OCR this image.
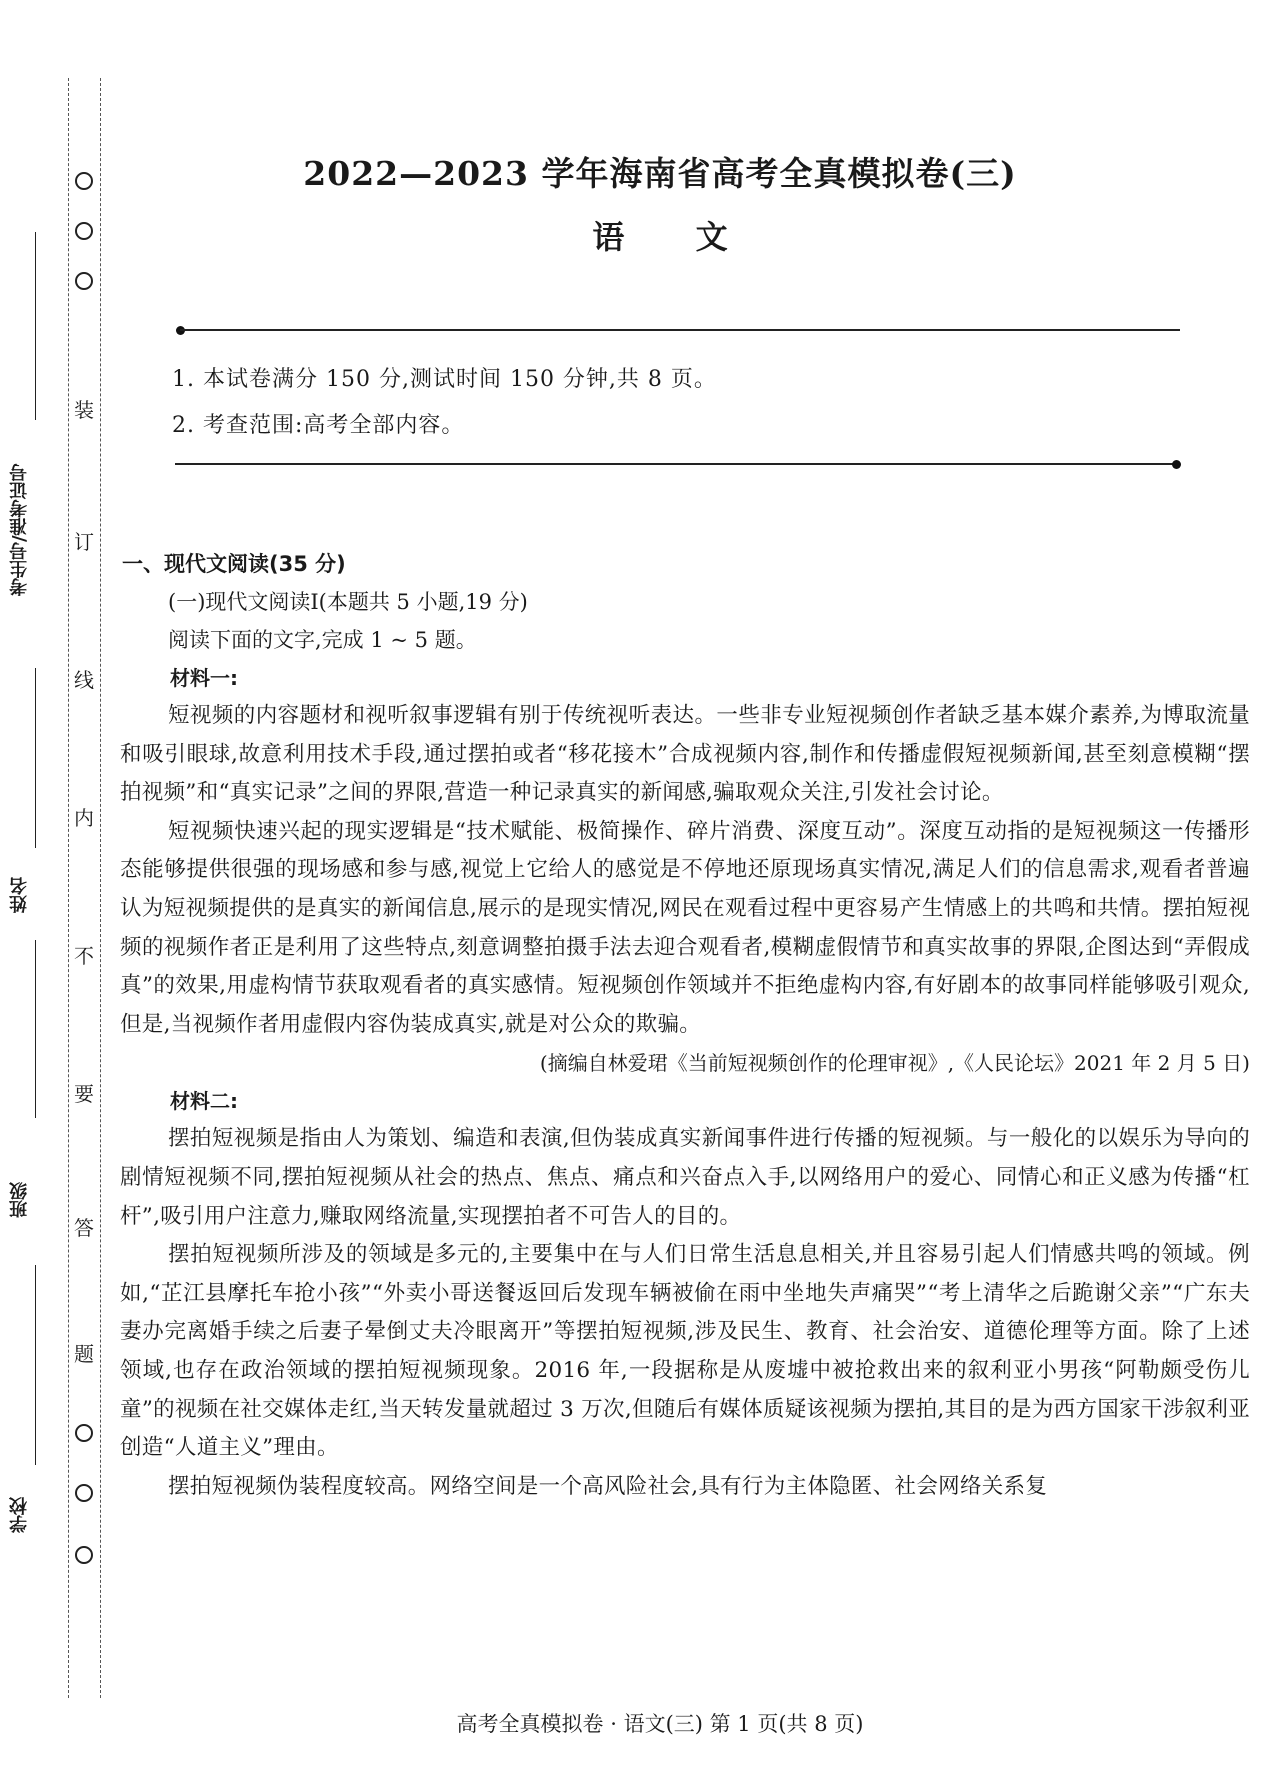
装
订
线
内
不
要
答
题
考生号/准考证号
姓名
班级
学校
2022—2023 学年海南省高考全真模拟卷(三)
语 文
1. 本试卷满分 150 分,测试时间 150 分钟,共 8 页。
2. 考查范围:高考全部内容。
一、现代文阅读(35 分)
(一)现代文阅读Ⅰ(本题共 5 小题,19 分)
阅读下面的文字,完成 1 ~ 5 题。
材料一:

短视频的内容题材和视听叙事逻辑有别于传统视听表达。一些非专业短视频创作者缺乏基本媒介素养,为博取流量和吸引眼球,故意利用技术手段,通过摆拍或者“移花接木”合成视频内容,制作和传播虚假短视频新闻,甚至刻意模糊“摆拍视频”和“真实记录”之间的界限,营造一种记录真实的新闻感,骗取观众关注,引发社会讨论。

短视频快速兴起的现实逻辑是“技术赋能、极简操作、碎片消费、深度互动”。深度互动指的是短视频这一传播形态能够提供很强的现场感和参与感,视觉上它给人的感觉是不停地还原现场真实情况,满足人们的信息需求,观看者普遍认为短视频提供的是真实的新闻信息,展示的是现实情况,网民在观看过程中更容易产生情感上的共鸣和共情。摆拍短视频的视频作者正是利用了这些特点,刻意调整拍摄手法去迎合观看者,模糊虚假情节和真实故事的界限,企图达到“弄假成真”的效果,用虚构情节获取观看者的真实感情。短视频创作领域并不拒绝虚构内容,有好剧本的故事同样能够吸引观众,但是,当视频作者用虚假内容伪装成真实,就是对公众的欺骗。

(摘编自林爱珺《当前短视频创作的伦理审视》,《人民论坛》2021 年 2 月 5 日)
材料二:

摆拍短视频是指由人为策划、编造和表演,但伪装成真实新闻事件进行传播的短视频。与一般化的以娱乐为导向的剧情短视频不同,摆拍短视频从社会的热点、焦点、痛点和兴奋点入手,以网络用户的爱心、同情心和正义感为传播“杠杆”,吸引用户注意力,赚取网络流量,实现摆拍者不可告人的目的。

摆拍短视频所涉及的领域是多元的,主要集中在与人们日常生活息息相关,并且容易引起人们情感共鸣的领域。例如,“芷江县摩托车抢小孩”“外卖小哥送餐返回后发现车辆被偷在雨中坐地失声痛哭”“考上清华之后跪谢父亲”“广东夫妻办完离婚手续之后妻子晕倒丈夫冷眼离开”等摆拍短视频,涉及民生、教育、社会治安、道德伦理等方面。除了上述领域,也存在政治领域的摆拍短视频现象。2016 年,一段据称是从废墟中被抢救出来的叙利亚小男孩“阿勒颇受伤儿童”的视频在社交媒体走红,当天转发量就超过 3 万次,但随后有媒体质疑该视频为摆拍,其目的是为西方国家干涉叙利亚创造“人道主义”理由。

摆拍短视频伪装程度较高。网络空间是一个高风险社会,具有行为主体隐匿、社会网络关系复

高考全真模拟卷 · 语文(三) 第 1 页(共 8 页)
